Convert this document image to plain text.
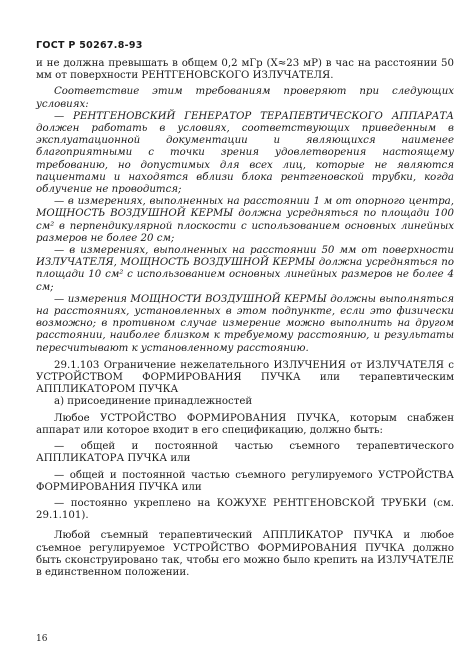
ГОСТ Р 50267.8-93

и не должна превышать в общем 0,2 мГр (Х≈23 мР) в час на расстоянии 50 мм от поверхности РЕНТГЕНОВСКОГО ИЗЛУЧАТЕЛЯ.

Соответствие этим требованиям проверяют при следующих условиях:

— РЕНТГЕНОВСКИЙ ГЕНЕРАТОР ТЕРАПЕВТИЧЕСКОГО АППАРАТА должен работать в условиях, соответствующих приведенным в эксплуатационной документации и являющихся наименее благоприятными с точки зрения удовлетворения настоящему требованию, но допустимых для всех лиц, которые не являются пациентами и находятся вблизи блока рентгеновской трубки, когда облучение не проводится;

— в измерениях, выполненных на расстоянии 1 м от опорного центра, МОЩНОСТЬ ВОЗДУШНОЙ КЕРМЫ должна усредняться по площади 100 см² в перпендикулярной плоскости с использованием основных линейных размеров не более 20 см;

— в измерениях, выполненных на расстоянии 50 мм от поверхности ИЗЛУЧАТЕЛЯ, МОЩНОСТЬ ВОЗДУШНОЙ КЕРМЫ должна усредняться по площади 10 см² с использованием основных линейных размеров не более 4 см;

— измерения МОЩНОСТИ ВОЗДУШНОЙ КЕРМЫ должны выполняться на расстояниях, установленных в этом подпункте, если это физически возможно; в противном случае измерение можно выполнить на другом расстоянии, наиболее близком к требуемому расстоянию, и результаты пересчитывают к установленному расстоянию.

29.1.103 Ограничение нежелательного ИЗЛУЧЕНИЯ от ИЗЛУЧАТЕЛЯ с УСТРОЙСТВОМ ФОРМИРОВАНИЯ ПУЧКА или терапевтическим АППЛИКАТОРОМ ПУЧКА

а) присоединение принадлежностей

Любое УСТРОЙСТВО ФОРМИРОВАНИЯ ПУЧКА, которым снабжен аппарат или которое входит в его спецификацию, должно быть:

— общей и постоянной частью съемного терапевтического АППЛИКАТОРА ПУЧКА или

— общей и постоянной частью съемного регулируемого УСТРОЙСТВА ФОРМИРОВАНИЯ ПУЧКА или

— постоянно укреплено на КОЖУХЕ РЕНТГЕНОВСКОЙ ТРУБКИ (см. 29.1.101).

Любой съемный терапевтический АППЛИКАТОР ПУЧКА и любое съемное регулируемое УСТРОЙСТВО ФОРМИРОВАНИЯ ПУЧКА должно быть сконструировано так, чтобы его можно было крепить на ИЗЛУЧАТЕЛЕ в единственном положении.

16
